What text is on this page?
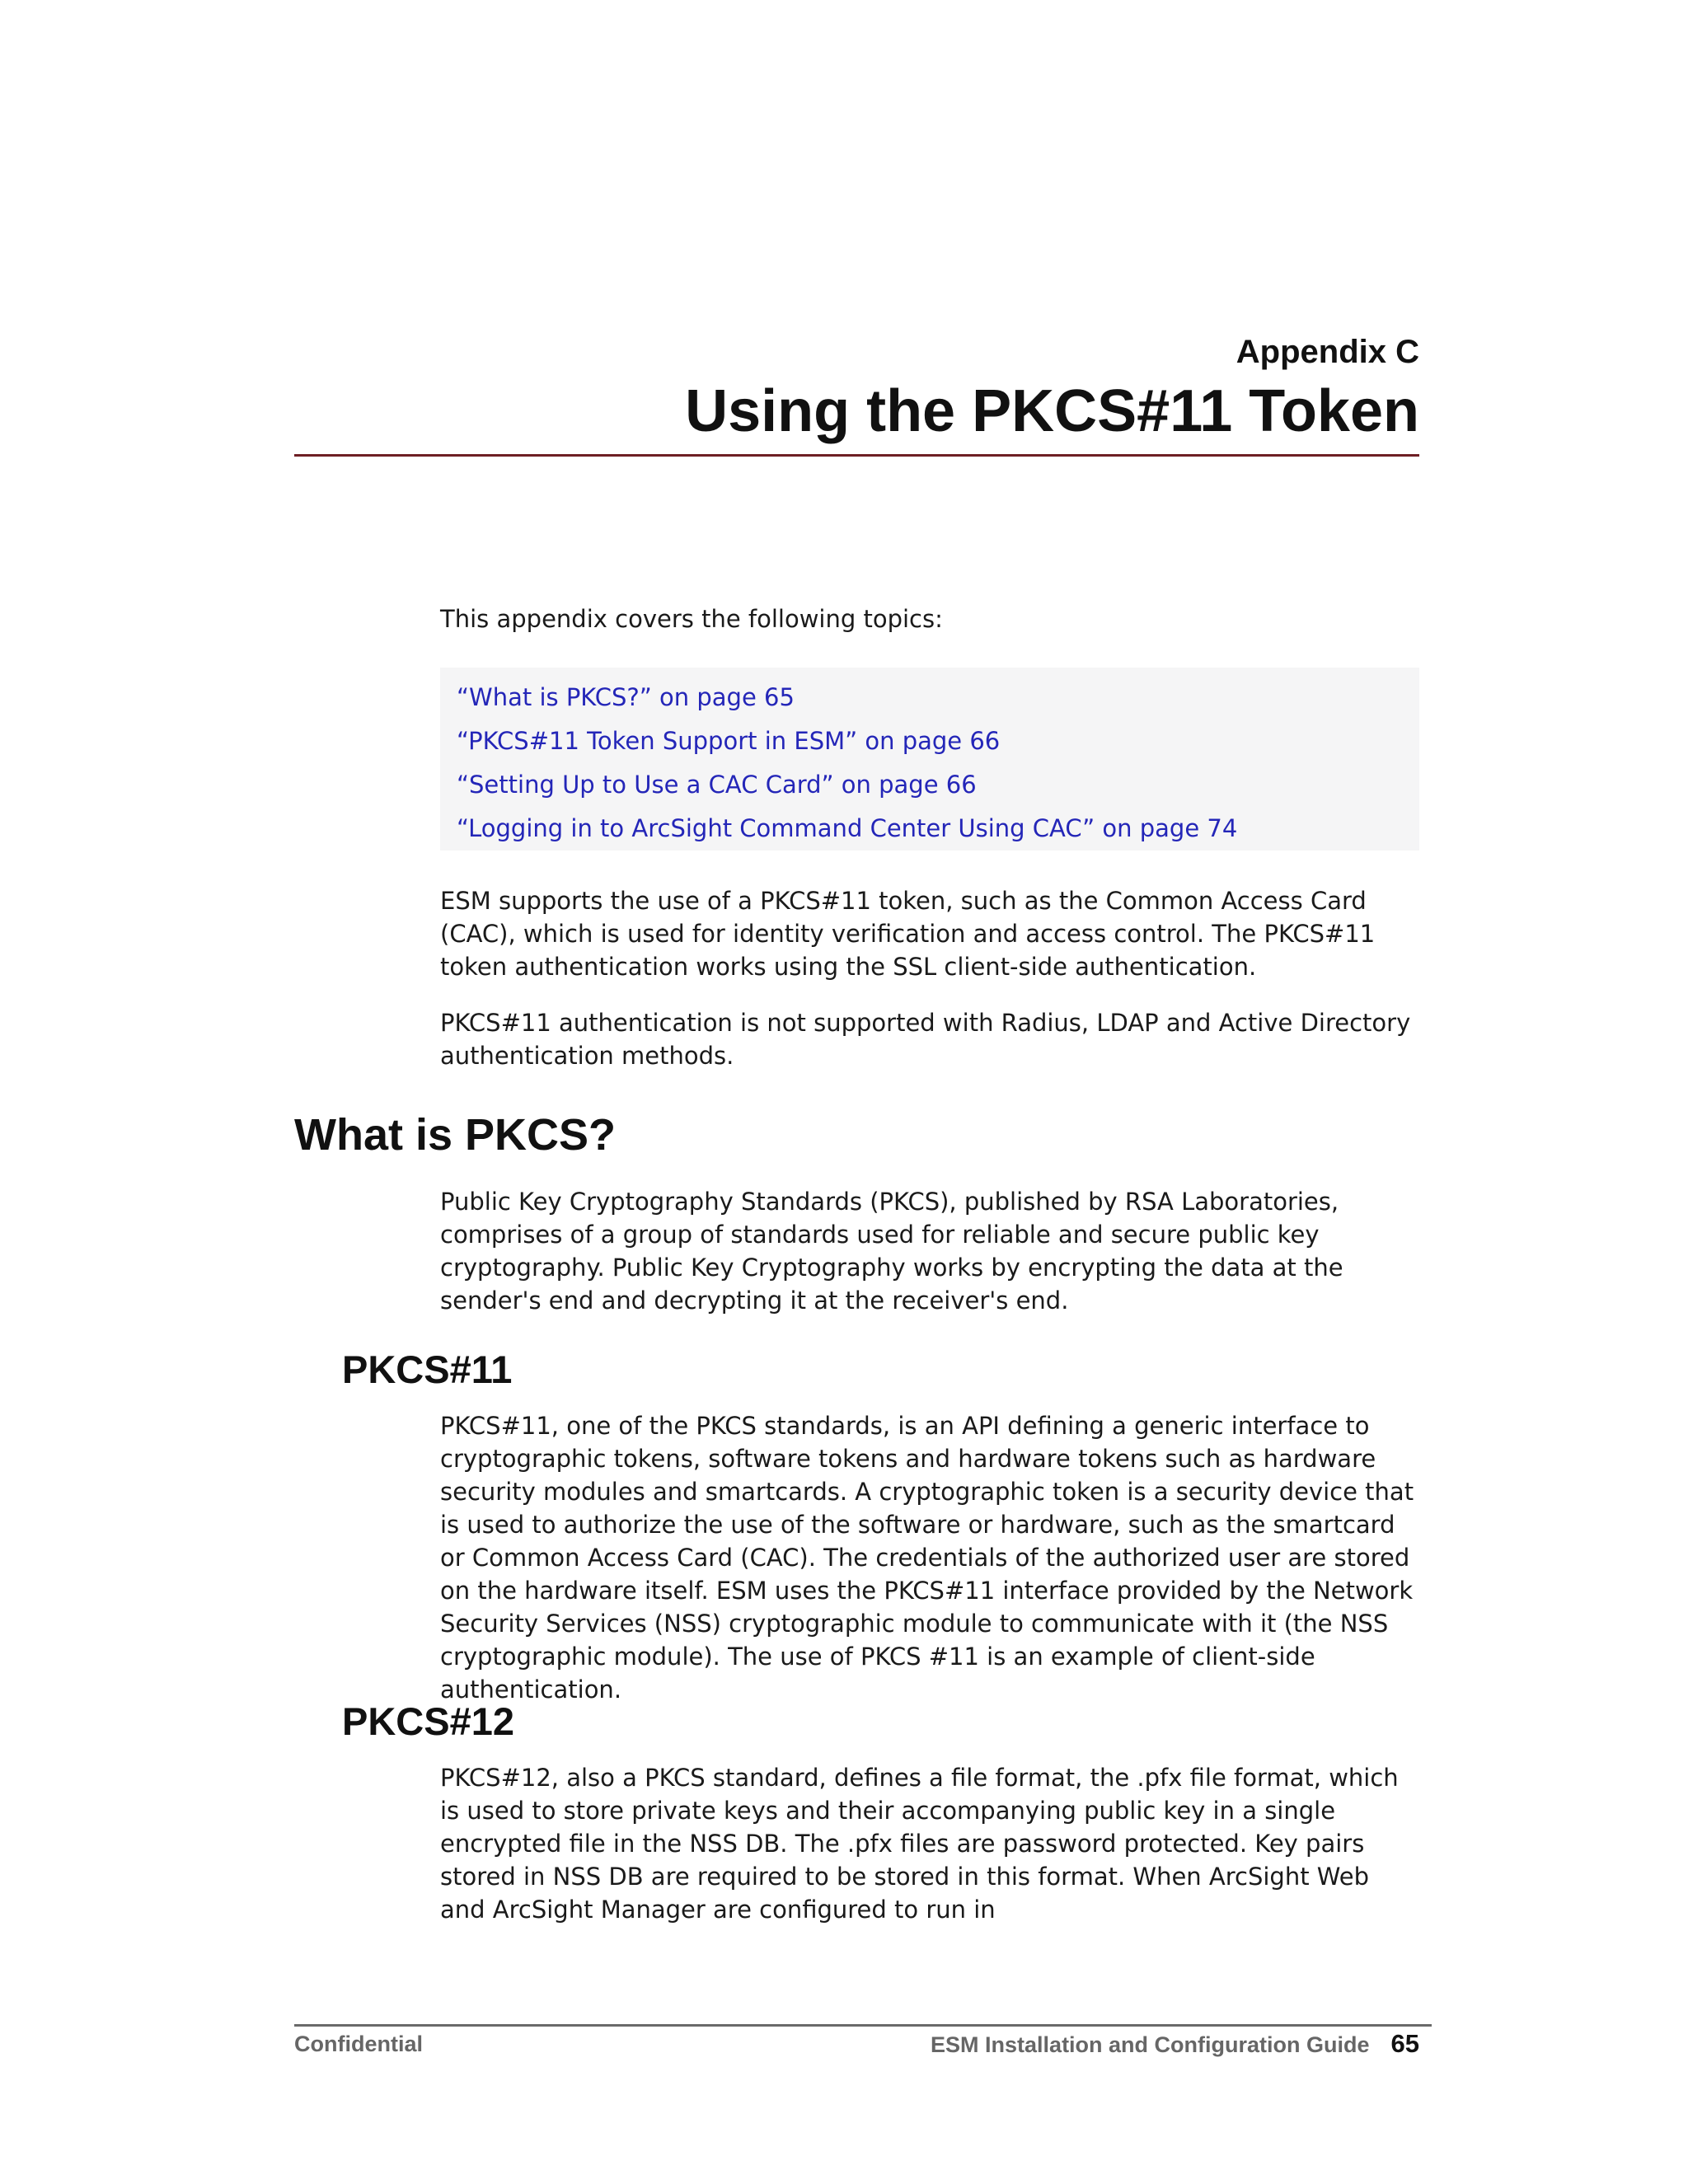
Appendix C
Using the PKCS#11 Token
This appendix covers the following topics:
“What is PKCS?” on page 65
“PKCS#11 Token Support in ESM” on page 66
“Setting Up to Use a CAC Card” on page 66
“Logging in to ArcSight Command Center Using CAC” on page 74

ESM supports the use of a PKCS#11 token, such as the Common Access Card (CAC), which is used for identity verification and access control. The PKCS#11 token authentication works using the SSL client-side authentication.

PKCS#11 authentication is not supported with Radius, LDAP and Active Directory authentication methods.

What is PKCS?

Public Key Cryptography Standards (PKCS), published by RSA Laboratories, comprises of a group of standards used for reliable and secure public key cryptography. Public Key Cryptography works by encrypting the data at the sender's end and decrypting it at the receiver's end.

PKCS#11

PKCS#11, one of the PKCS standards, is an API defining a generic interface to cryptographic tokens, software tokens and hardware tokens such as hardware security modules and smartcards. A cryptographic token is a security device that is used to authorize the use of the software or hardware, such as the smartcard or Common Access Card (CAC). The credentials of the authorized user are stored on the hardware itself. ESM uses the PKCS#11 interface provided by the Network Security Services (NSS) cryptographic module to communicate with it (the NSS cryptographic module). The use of PKCS #11 is an example of client-side authentication.

PKCS#12

PKCS#12, also a PKCS standard, defines a file format, the .pfx file format, which is used to store private keys and their accompanying public key in a single encrypted file in the NSS DB. The .pfx files are password protected. Key pairs stored in NSS DB are required to be stored in this format. When ArcSight Web and ArcSight Manager are configured to run in

Confidential	ESM Installation and Configuration Guide 65
